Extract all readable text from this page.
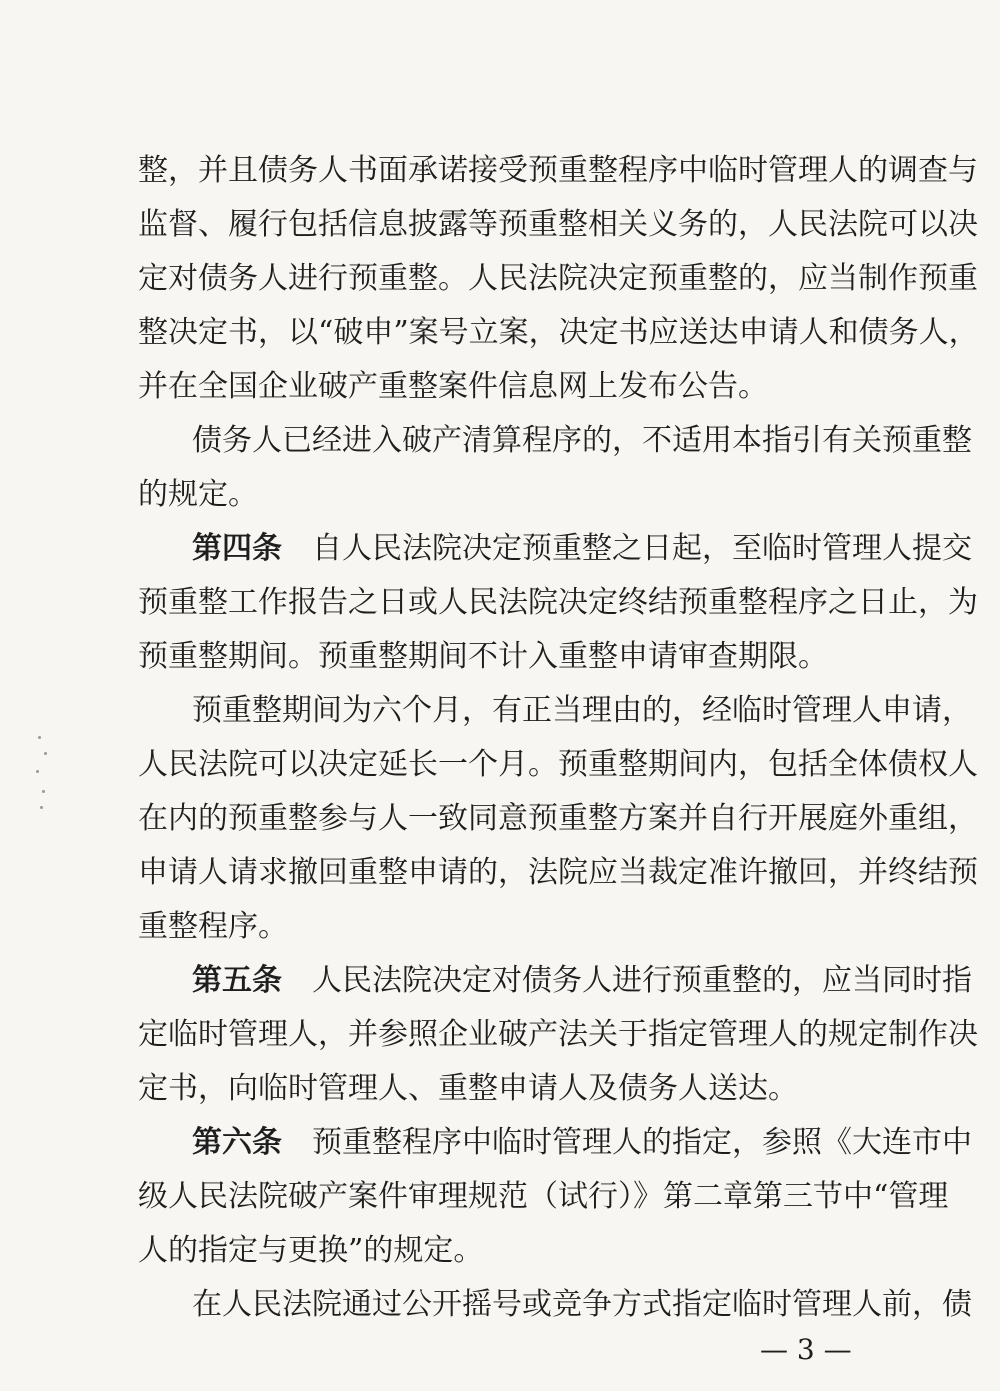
整，并且债务人书面承诺接受预重整程序中临时管理人的调查与
监督、履行包括信息披露等预重整相关义务的，人民法院可以决
定对债务人进行预重整。人民法院决定预重整的，应当制作预重
整决定书，以“破申”案号立案，决定书应送达申请人和债务人，
并在全国企业破产重整案件信息网上发布公告。
债务人已经进入破产清算程序的，不适用本指引有关预重整
的规定。
第四条 自人民法院决定预重整之日起，至临时管理人提交
预重整工作报告之日或人民法院决定终结预重整程序之日止，为
预重整期间。预重整期间不计入重整申请审查期限。
预重整期间为六个月，有正当理由的，经临时管理人申请，
人民法院可以决定延长一个月。预重整期间内，包括全体债权人
在内的预重整参与人一致同意预重整方案并自行开展庭外重组，
申请人请求撤回重整申请的，法院应当裁定准许撤回，并终结预
重整程序。
第五条 人民法院决定对债务人进行预重整的，应当同时指
定临时管理人，并参照企业破产法关于指定管理人的规定制作决
定书，向临时管理人、重整申请人及债务人送达。
第六条 预重整程序中临时管理人的指定，参照《大连市中
级人民法院破产案件审理规范（试行）》第二章第三节中“管理
人的指定与更换”的规定。
在人民法院通过公开摇号或竞争方式指定临时管理人前，债
— 3 —
